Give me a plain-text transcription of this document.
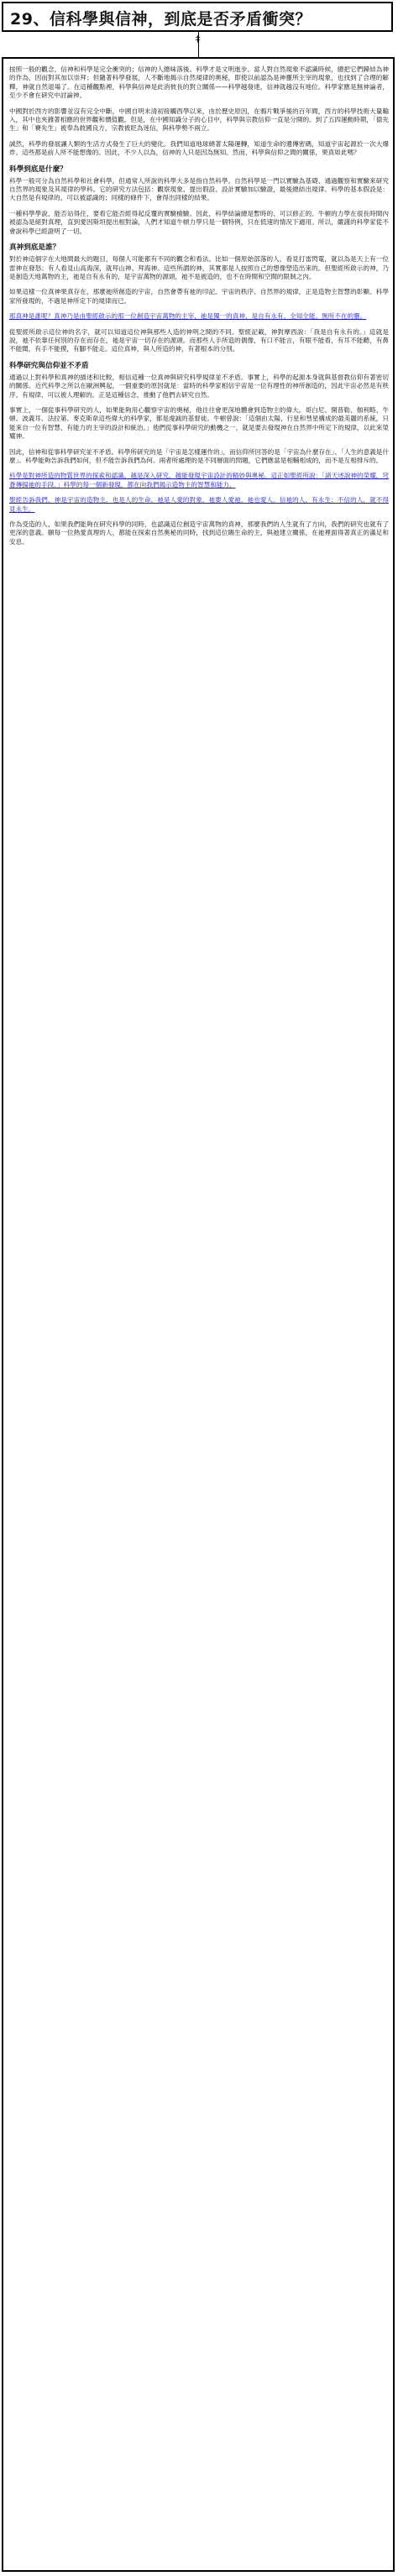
29、信科學與信神，到底是否矛盾衝突？

按照一般的觀念，信神和科學是完全衝突的；信神的人總味落後、科學才是文明進步。當人對自然現象不認識時候，總把它們歸結為神的作為，因而對其加以崇拜；但隨著科學發展，人不斷地揭示自然規律的奧秘，即使以前認為是神靈所主宰的現象，也找到了合理的解釋，神就自然退場了。在這種觀點裡，科學與信神是此消彼長的對立關係——科學越發達，信神就越沒有地位。科學家應是無神論者，至少不會在研究中討論神。

中國對於西方的影響並沒有完全中斷，中國自明末清初接觸西學以來，由於歷史原因，在鴉片戰爭後的百年間，西方的科學技術大量輸入，其中也夾雜著相應的世界觀和價值觀。但是，在中國知識分子的心目中，科學與宗教信仰一直是分開的。到了五四運動時期，「德先生」和「賽先生」被奉為救國良方，宗教被貶為迷信，與科學勢不兩立。

誠然，科學的發展讓人類的生活方式發生了巨大的變化。我們知道地球繞著太陽運轉，知道生命的遺傳密碼，知道宇宙起源於一次大爆炸。這些都是前人所不能想像的。因此，不少人以為，信神的人只是因為無知。然而，科學與信仰之間的關係，果真如此嗎？

科學到底是什麼？

科學一般可分為自然科學和社會科學。但通常人所說的科學大多是指自然科學。自然科學是一門以實驗為基礎、通過觀察和實驗來研究自然界的現象及其規律的學科。它的研究方法包括：觀察現象、提出假設、設計實驗加以驗證，最後總結出規律。科學的基本假設是：大自然是有規律的、可以被認識的；同樣的條件下，會得出同樣的結果。

一種科學學說，能否站得住，要看它能否經得起反覆的實驗檢驗。因此，科學結論總是暫時的、可以修正的。牛頓的力學在很長時間內被認為是絕對真理，直到愛因斯坦提出相對論，人們才知道牛頓力學只是一個特例，只在低速的情況下適用。所以，嚴謹的科學家從不會說科學已經證明了一切。

真神到底是誰？

對於神這個字在大地間最大的題目，每個人可能都有不同的觀念和看法。比如一個原始部落的人，看見打雷閃電，就以為是天上有一位雷神在發怒；有人看見山高海深，就拜山神、拜海神。這些所謂的神，其實都是人按照自己的想像塑造出來的。但聖經所啟示的神，乃是創造天地萬物的主，祂是自有永有的，是宇宙萬物的源頭，祂不是被造的，也不在時間和空間的限制之內。

如果這樣一位真神果真存在，那麼祂所創造的宇宙，自然會帶有祂的印記。宇宙的秩序、自然界的規律，正是造物主智慧的彰顯。科學家所發現的，不過是神所定下的規律而已。

那真神是誰呢？真神乃是由聖經啟示的那一位創造宇宙萬物的主宰，祂是獨一的真神，是自有永有、全知全能、無所不在的靈。

從聖經所啟示這位神的名字，就可以知道這位神與那些人造的神明之間的不同。聖經記載，神對摩西說：「我是自有永有的。」這就是說，祂不依靠任何別的存在而存在，祂是宇宙一切存在的源頭。而那些人手所造的偶像，有口不能言，有眼不能看，有耳不能聽，有鼻不能聞，有手不能摸，有腳不能走。這位真神，與人所造的神，有著根本的分別。

科學研究與信仰並不矛盾

通過以上對科學和真神的描述和比較，相信這種一位真神與研究科學規律並不矛盾。事實上，科學的起源本身就與基督教信仰有著密切的關係。近代科學之所以在歐洲興起，一個重要的原因就是：當時的科學家相信宇宙是一位有理性的神所創造的，因此宇宙必然是有秩序、有規律、可以被人理解的。正是這種信念，推動了他們去研究自然。

事實上，一個從事科學研究的人，如果能夠用心觀察宇宙的奧秘，他往往會更深地體會到造物主的偉大。哥白尼、開普勒、伽利略、牛頓、波義耳、法拉第、麥克斯韋這些偉大的科學家，都是虔誠的基督徒。牛頓曾說：「這個由太陽、行星和彗星構成的最美麗的系統，只能來自一位有智慧、有能力的主宰的設計和統治。」他們從事科學研究的動機之一，就是要去發現神在自然界中所定下的規律，以此來榮耀神。

因此，信神和從事科學研究並不矛盾。科學所研究的是「宇宙是怎樣運作的」，而信仰所回答的是「宇宙為什麼存在」、「人生的意義是什麼」。科學能夠告訴我們如何，但不能告訴我們為何。兩者所處理的是不同層面的問題，它們應當是相輔相成的，而不是互相排斥的。

科學是對神所造的物質世界的探索和認識，越是深入研究，越能發現宇宙設計的精妙與奧秘。這正如聖經所說：「諸天述說神的榮耀，穹蒼傳揚祂的手段。」科學的每一個新發現，都在向我們揭示造物主的智慧和能力。

聖經告訴我們，神是宇宙的造物主，也是人的生命。祂是人愛的對象，祂要人愛祂，祂也愛人。信祂的人，有永生；不信的人，就不得見永生。

作為受造的人，如果我們能夠在研究科學的同時，也認識這位創造宇宙萬物的真神，那麼我們的人生就有了方向，我們的研究也就有了更深的意義。願每一位熱愛真理的人，都能在探索自然奧秘的同時，找到這位賜生命的主，與祂建立關係，在祂裡面得著真正的滿足和安息。
